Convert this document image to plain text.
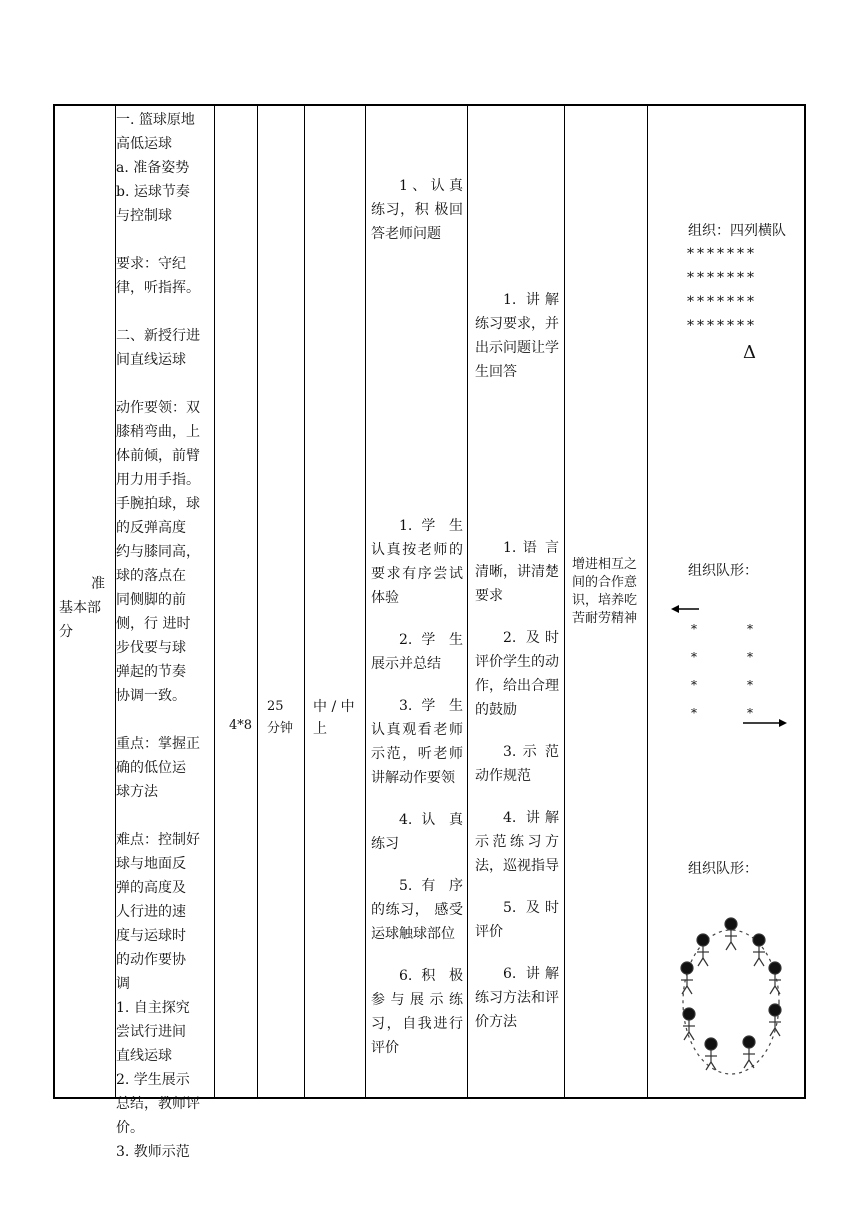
准
基本部分

一. 篮球原地
高低运球

a. 准备姿势

b. 运球节奏
与控制球

要求：守纪
律，听指挥。

二、新授行进
间直线运球

动作要领：双
膝稍弯曲，上
体前倾，前臂
用力用手指。
手腕拍球，球
的反弹高度
约与膝同高，
球的落点在
同侧脚的前
侧，行 进时
步伐要与球
弹起的节奏
协调一致。

重点：掌握正
确的低位运
球方法

难点：控制好
球与地面反
弹的高度及
人行进的速
度与运球时
的动作要协
调

1. 自主探究
尝试行进间
直线运球

2. 学生展示
总结，教师评
价。

3. 教师示范

4*8
25
分钟
中 / 中
上

1、认真练习，积 极回答老师问题

1. 学 生认真按老师的要求有序尝试体验

2. 学 生展示并总结

3. 学 生认真观看老师示范，听老师讲解动作要领

4. 认 真练习

5. 有 序的练习， 感受运球触球部位

6. 积 极参与展示练习，自我进行评价

1. 讲解练习要求，并出示问题让学生回答

1. 语 言清晰，讲清楚要求

2. 及时评价学生的动作，给出合理的鼓励

3. 示 范动作规范

4. 讲解示范练习方法，巡视指导

5. 及时评价

6. 讲解练习方法和评价方法

增进相互之间的合作意识，培养吃苦耐劳精神
组织：四列横队
*******
*******
*******
*******
Δ
组织队形：
*
*
*
*
*
*
*
*
组织队形：
